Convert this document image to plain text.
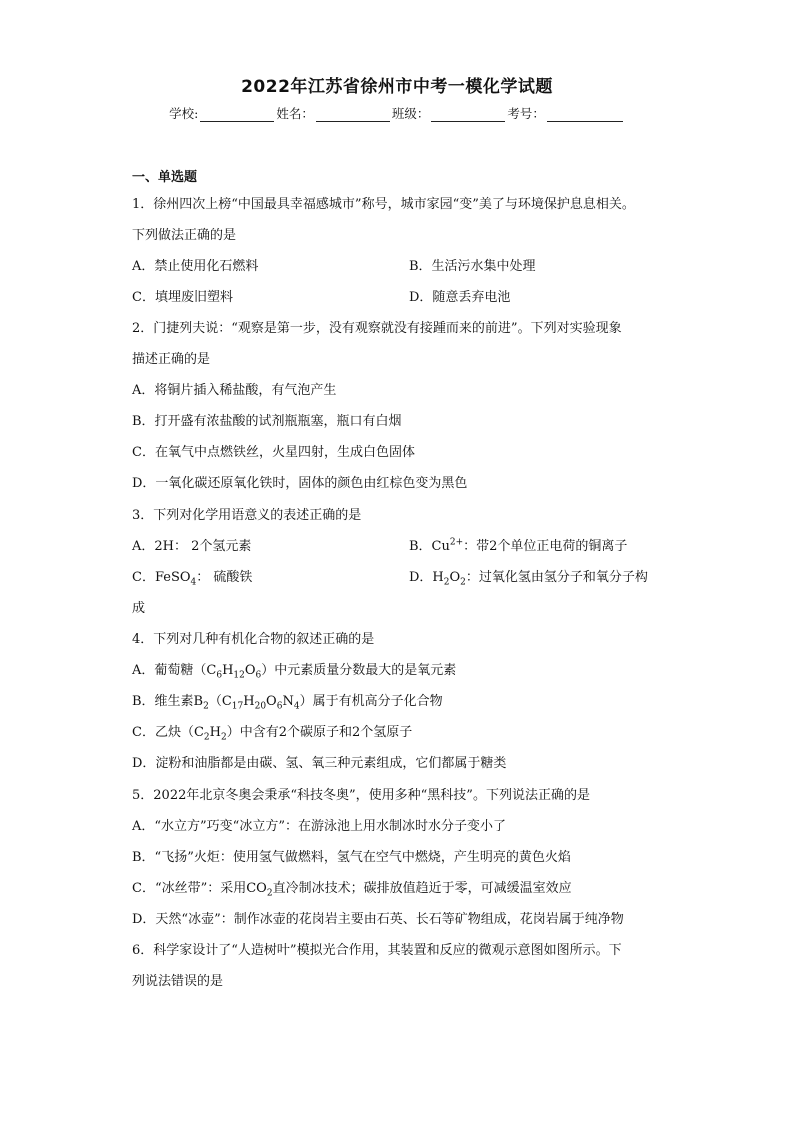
2022年江苏省徐州市中考一模化学试题
学校:	姓名：	班级：	考号：
一、单选题
1．徐州四次上榜“中国最具幸福感城市”称号，城市家园“变”美了与环境保护息息相关。
下列做法正确的是
A．禁止使用化石燃料	B．生活污水集中处理
C．填埋废旧塑料	D．随意丢弃电池
2．门捷列夫说：“观察是第一步，没有观察就没有接踵而来的前进”。下列对实验现象
描述正确的是
A．将铜片插入稀盐酸，有气泡产生
B．打开盛有浓盐酸的试剂瓶瓶塞，瓶口有白烟
C．在氧气中点燃铁丝，火星四射，生成白色固体
D．一氧化碳还原氧化铁时，固体的颜色由红棕色变为黑色
3．下列对化学用语意义的表述正确的是
A．2H： 2个氢元素	B．$Cu^{2+}$：带2个单位正电荷的铜离子
C．FeSO$_4$： 硫酸铁	D．$H_2O_2$：过氧化氢由氢分子和氧分子构
成
4．下列对几种有机化合物的叙述正确的是
A．葡萄糖$(C_6H_{12}O_6)$中元素质量分数最大的是氧元素
B．维生素$B_2(C_{17}H_{20}O_6N_4)$属于有机高分子化合物
C．乙炔$(C_2H_2)$中含有2个碳原子和2个氢原子
D．淀粉和油脂都是由碳、氢、氧三种元素组成，它们都属于糖类
5．2022年北京冬奥会秉承“科技冬奥”，使用多种“黑科技”。下列说法正确的是
A．“水立方”巧变“冰立方”：在游泳池上用水制冰时水分子变小了
B．“飞扬”火炬：使用氢气做燃料，氢气在空气中燃烧，产生明亮的黄色火焰
C．“冰丝带”：采用$CO_2$直冷制冰技术；碳排放值趋近于零，可减缓温室效应
D．天然“冰壶”：制作冰壶的花岗岩主要由石英、长石等矿物组成，花岗岩属于纯净物
6．科学家设计了“人造树叶”模拟光合作用，其装置和反应的微观示意图如图所示。下
列说法错误的是
